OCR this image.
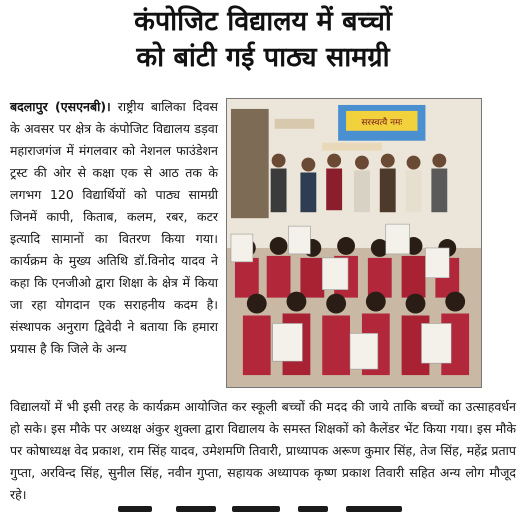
कंपोजिट विद्यालय में बच्चों
को बांटी गई पाठ्य सामग्री
बदलापुर (एसएनबी)। राष्ट्रीय बालिका दिवस के अवसर पर क्षेत्र के कंपोजिट विद्यालय डड़वा महाराजगंज में मंगलवार को नेशनल फाउंडेशन ट्रस्ट की ओर से कक्षा एक से आठ तक के लगभग 120 विद्यार्थियों को पाठ्य सामग्री जिनमें कापी, किताब, कलम, रबर, कटर इत्यादि सामानों का वितरण किया गया। कार्यक्रम के मुख्य अतिथि डॉ.विनोद यादव ने कहा कि एनजीओ द्वारा शिक्षा के क्षेत्र में किया जा रहा योगदान एक सराहनीय कदम है। संस्थापक अनुराग द्विवेदी ने बताया कि हमारा प्रयास है कि जिले के अन्य
सरस्वत्यै नमः
विद्यालयों में भी इसी तरह के कार्यक्रम आयोजित कर स्कूली बच्चों की मदद की जाये ताकि बच्चों का उत्साहवर्धन हो सके। इस मौके पर अध्यक्ष अंकुर शुक्ला द्वारा विद्यालय के समस्त शिक्षकों को कैलेंडर भेंट किया गया। इस मौके पर कोषाध्यक्ष वेद प्रकाश, राम सिंह यादव, उमेशमणि तिवारी, प्राध्यापक अरूण कुमार सिंह, तेज सिंह, महेंद्र प्रताप गुप्ता, अरविन्द सिंह, सुनील सिंह, नवीन गुप्ता, सहायक अध्यापक कृष्ण प्रकाश तिवारी सहित अन्य लोग मौजूद रहे।
